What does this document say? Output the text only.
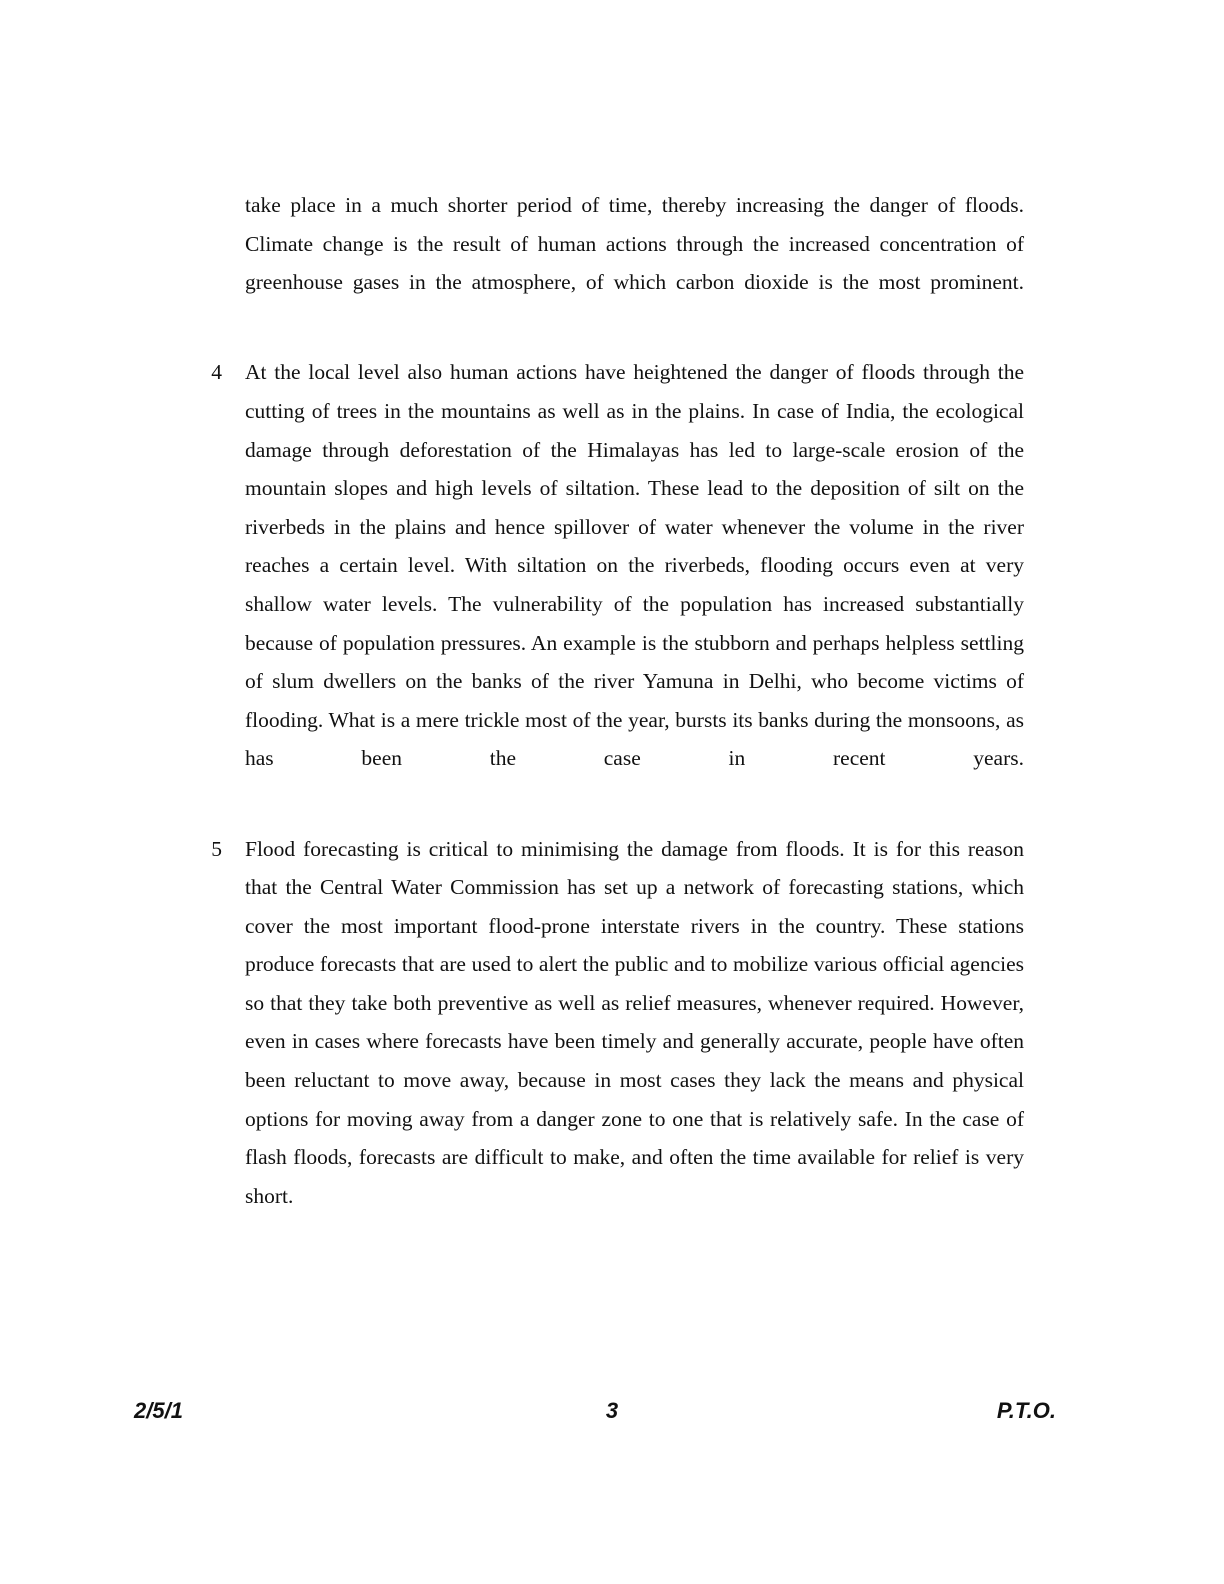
take place in a much shorter period of time, thereby increasing the danger of floods. Climate change is the result of human actions through the increased concentration of greenhouse gases in the atmosphere, of which carbon dioxide is the most prominent.
4 At the local level also human actions have heightened the danger of floods through the cutting of trees in the mountains as well as in the plains. In case of India, the ecological damage through deforestation of the Himalayas has led to large-scale erosion of the mountain slopes and high levels of siltation. These lead to the deposition of silt on the riverbeds in the plains and hence spillover of water whenever the volume in the river reaches a certain level. With siltation on the riverbeds, flooding occurs even at very shallow water levels. The vulnerability of the population has increased substantially because of population pressures. An example is the stubborn and perhaps helpless settling of slum dwellers on the banks of the river Yamuna in Delhi, who become victims of flooding. What is a mere trickle most of the year, bursts its banks during the monsoons, as has been the case in recent years.
5 Flood forecasting is critical to minimising the damage from floods. It is for this reason that the Central Water Commission has set up a network of forecasting stations, which cover the most important flood-prone interstate rivers in the country. These stations produce forecasts that are used to alert the public and to mobilize various official agencies so that they take both preventive as well as relief measures, whenever required. However, even in cases where forecasts have been timely and generally accurate, people have often been reluctant to move away, because in most cases they lack the means and physical options for moving away from a danger zone to one that is relatively safe. In the case of flash floods, forecasts are difficult to make, and often the time available for relief is very short.
2/5/1	3	P.T.O.
